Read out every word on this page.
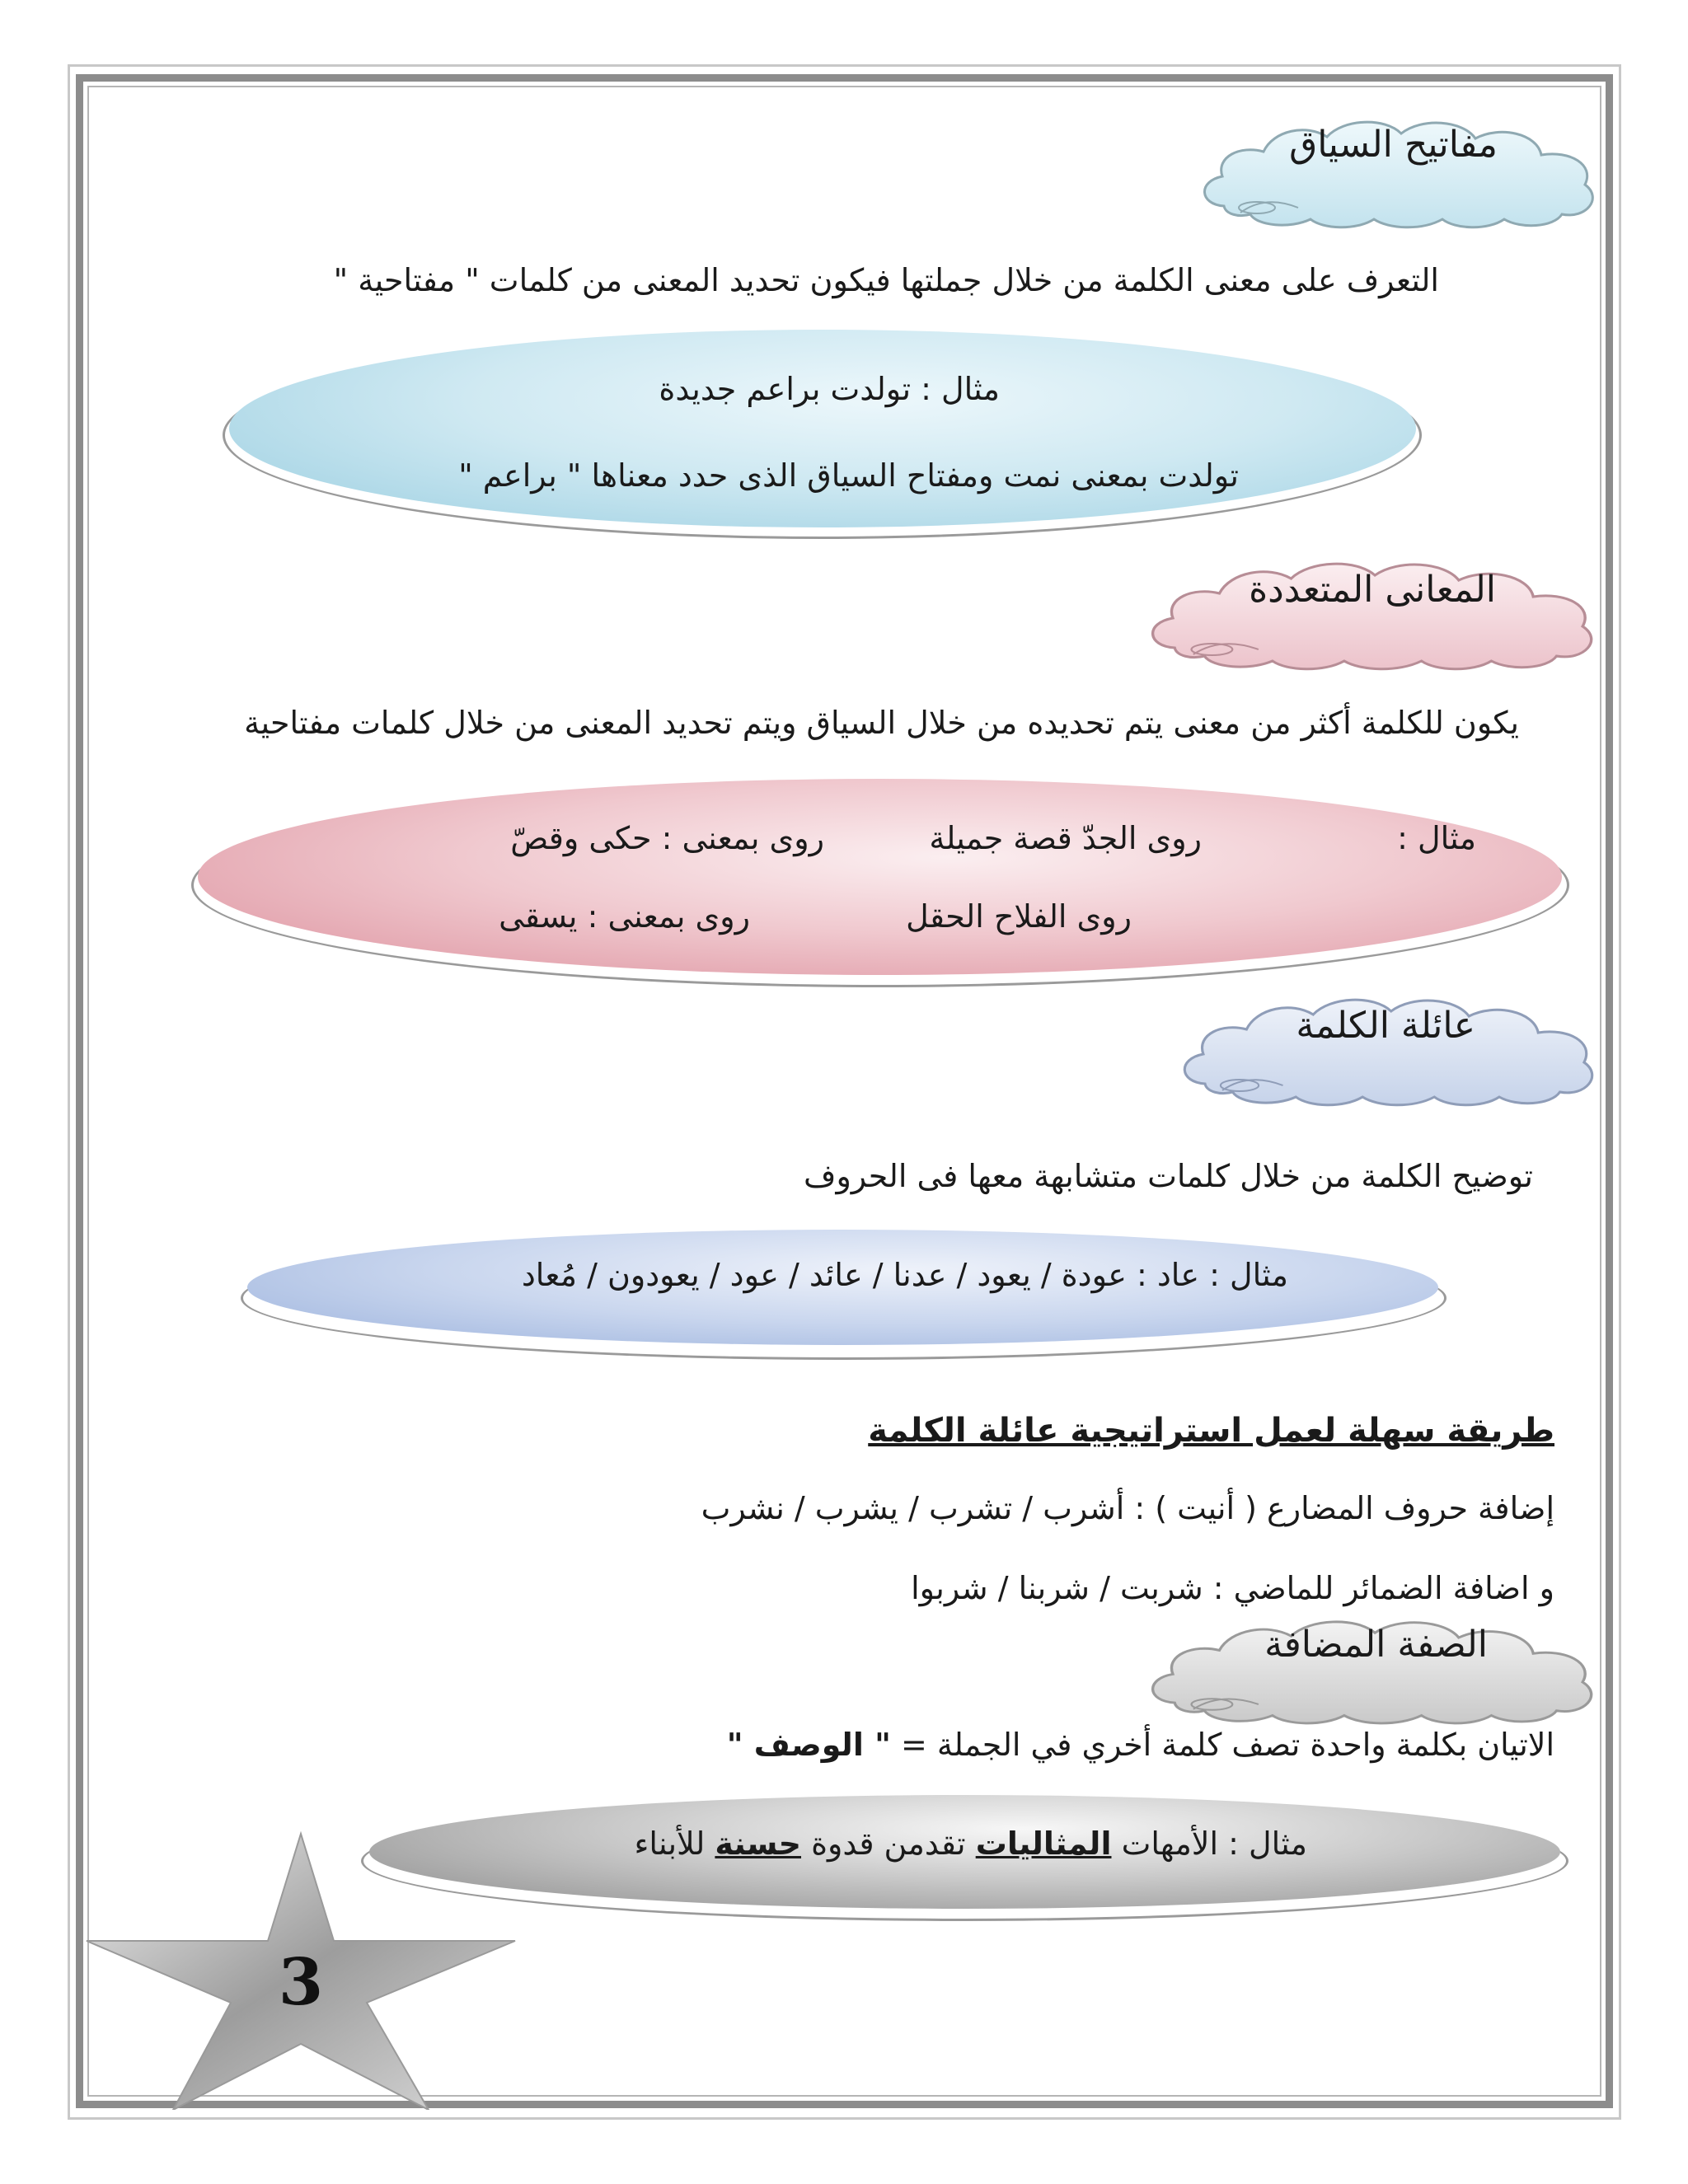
مفاتيح السياق
التعرف على معنى الكلمة من خلال جملتها فيكون تحديد المعنى من كلمات " مفتاحية "
مثال : تولدت براعم جديدة
تولدت بمعنى نمت ومفتاح السياق الذى حدد معناها " براعم "
المعانى المتعددة
يكون للكلمة أكثر من معنى يتم تحديده من خلال السياق ويتم تحديد المعنى من خلال كلمات مفتاحية
مثال :
روى الجدّ قصة جميلة
روى بمعنى : حكى وقصّ
روى الفلاح الحقل
روى بمعنى : يسقى
عائلة الكلمة
توضيح الكلمة من خلال كلمات متشابهة معها فى الحروف
مثال : عاد : عودة / يعود / عدنا / عائد / عود / يعودون / مُعاد
طريقة سهلة لعمل استراتيجية عائلة الكلمة
إضافة حروف المضارع ( أنيت ) : أشرب / تشرب / يشرب / نشرب
و اضافة الضمائر للماضي : شربت / شربنا / شربوا
الصفة المضافة
الاتيان بكلمة واحدة تصف كلمة أخري في الجملة = " الوصف "
مثال : الأمهات المثاليات تقدمن قدوة حسنة للأبناء
3
